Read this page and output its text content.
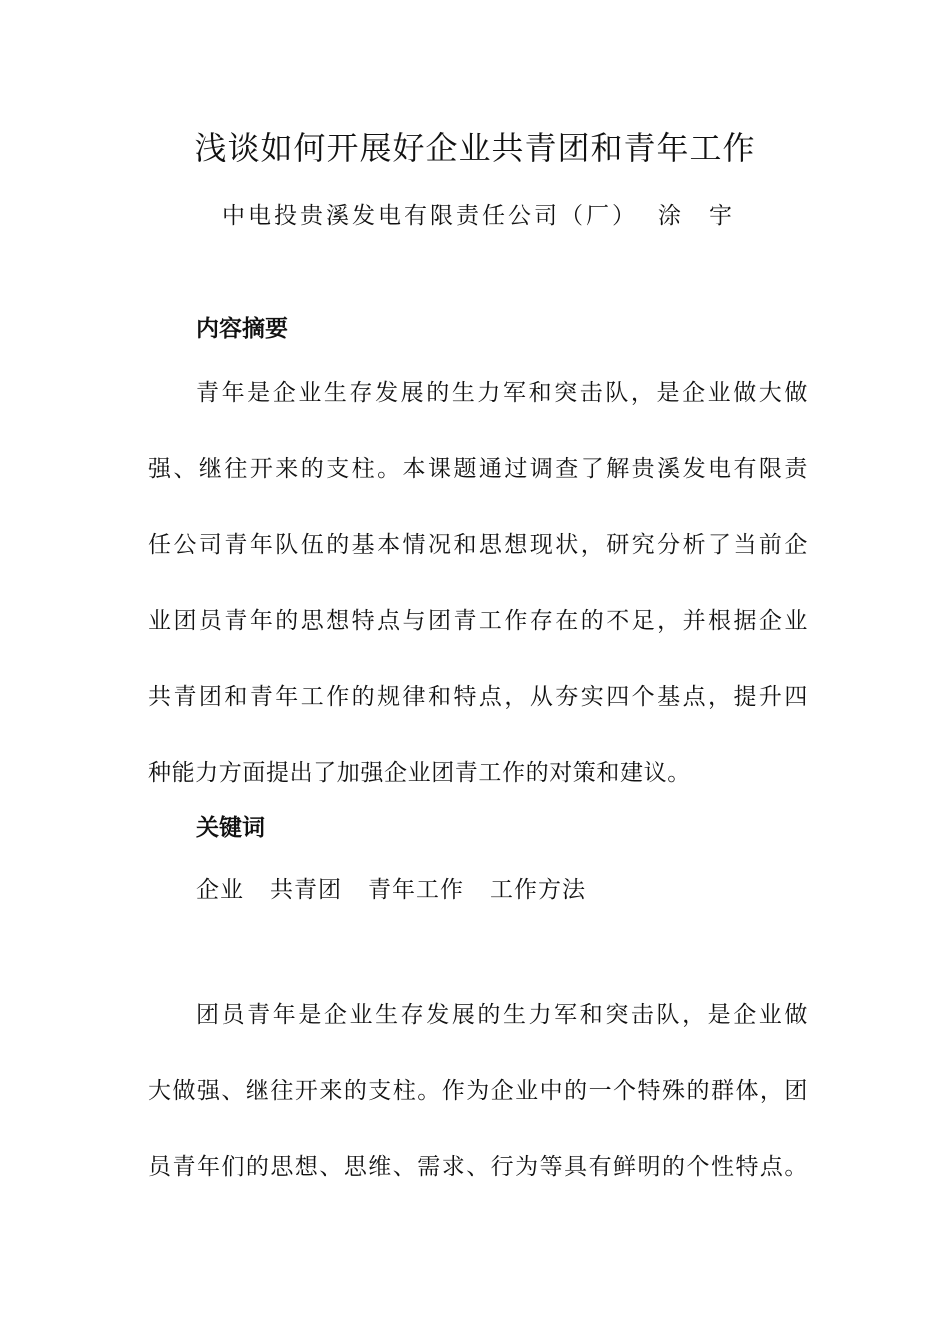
浅谈如何开展好企业共青团和青年工作
中电投贵溪发电有限责任公司（厂） 涂宇
内容摘要
青年是企业生存发展的生力军和突击队，是企业做大做
强、继往开来的支柱。本课题通过调查了解贵溪发电有限责
任公司青年队伍的基本情况和思想现状，研究分析了当前企
业团员青年的思想特点与团青工作存在的不足，并根据企业
共青团和青年工作的规律和特点，从夯实四个基点，提升四
种能力方面提出了加强企业团青工作的对策和建议。
关键词
企业 共青团 青年工作 工作方法
团员青年是企业生存发展的生力军和突击队，是企业做
大做强、继往开来的支柱。作为企业中的一个特殊的群体，团
员青年们的思想、思维、需求、行为等具有鲜明的个性特点。
